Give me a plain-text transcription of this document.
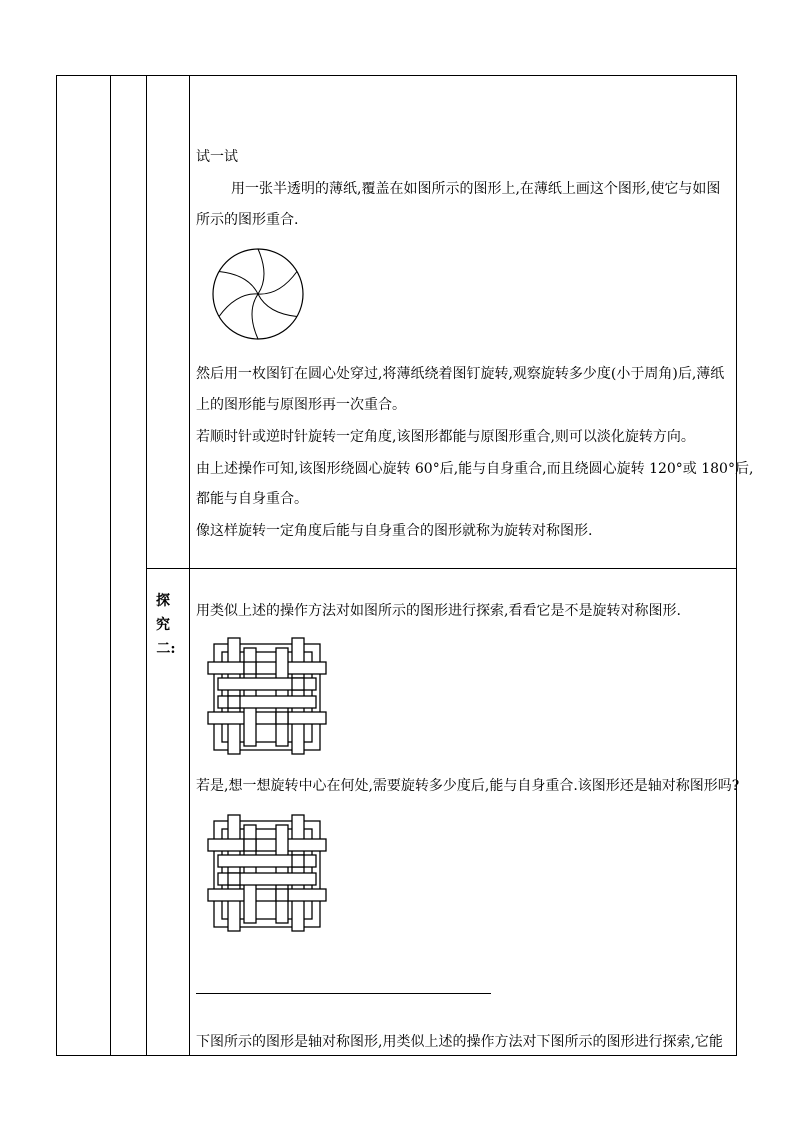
试一试
用一张半透明的薄纸,覆盖在如图所示的图形上,在薄纸上画这个图形,使它与如图
所示的图形重合.
然后用一枚图钉在圆心处穿过,将薄纸绕着图钉旋转,观察旋转多少度(小于周角)后,薄纸
上的图形能与原图形再一次重合。
若顺时针或逆时针旋转一定角度,该图形都能与原图形重合,则可以淡化旋转方向。
由上述操作可知,该图形绕圆心旋转 60°后,能与自身重合,而且绕圆心旋转 120°或 180°后,
都能与自身重合。
像这样旋转一定角度后能与自身重合的图形就称为旋转对称图形.
探
究
二:
用类似上述的操作方法对如图所示的图形进行探索,看看它是不是旋转对称图形.
若是,想一想旋转中心在何处,需要旋转多少度后,能与自身重合.该图形还是轴对称图形吗?
下图所示的图形是轴对称图形,用类似上述的操作方法对下图所示的图形进行探索,它能
